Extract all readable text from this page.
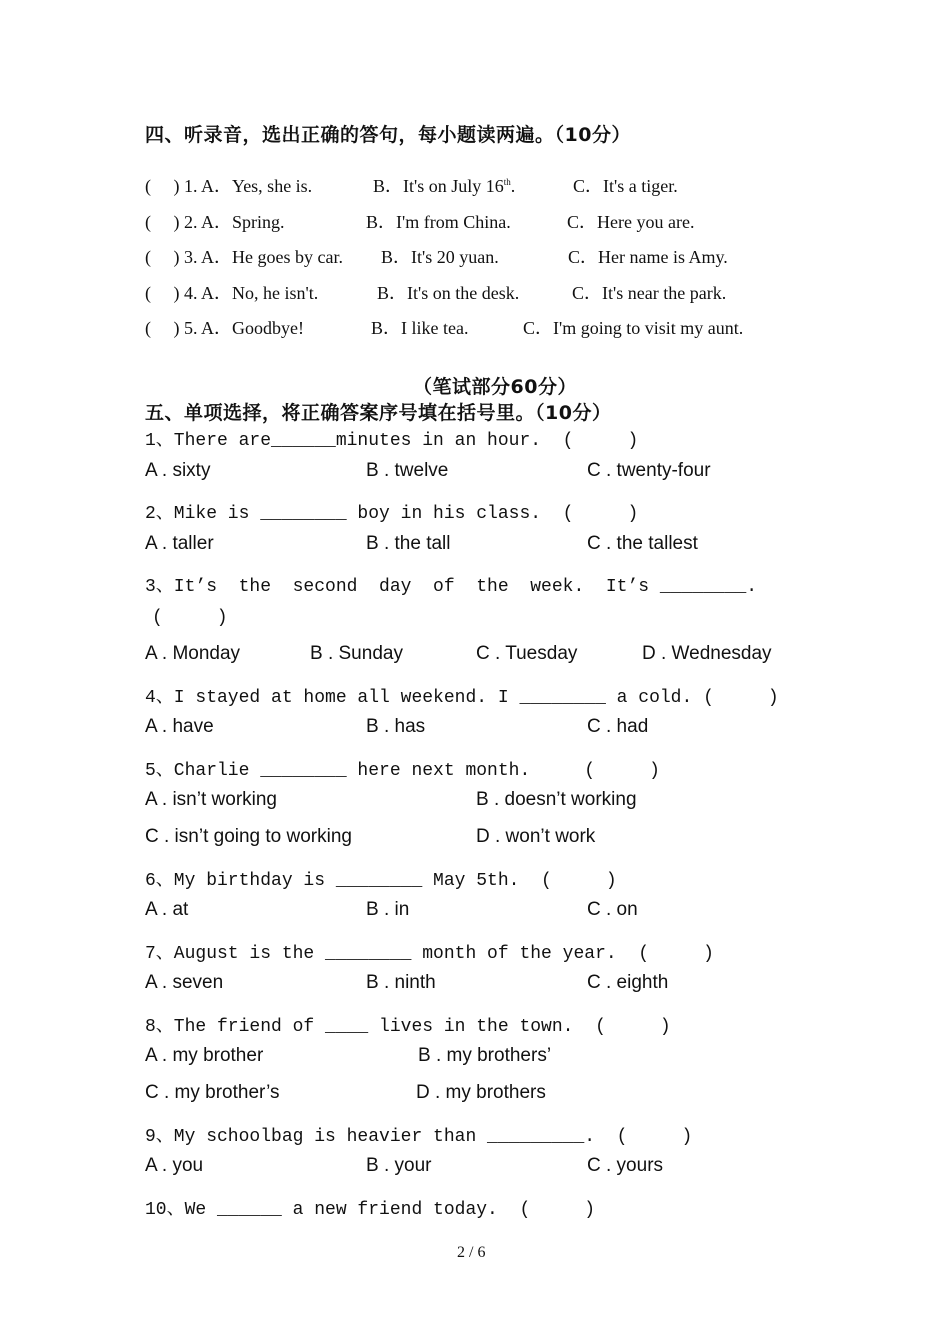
四、听录音，选出正确的答句，每小题读两遍。（10分）
(     ) 1. A．Yes, she is.	B．It's on July 16th.	C．It's a tiger.
(     ) 2. A．Spring.	B．I'm from China.	C．Here you are.
(     ) 3. A．He goes by car. B．It's 20 yuan.	C．Her name is Amy.
(     ) 4. A．No, he isn't.	B．It's on the desk.	C．It's near the park.
(     ) 5. A．Goodbye!	B．I like tea.	C．I'm going to visit my aunt.
（笔试部分60分）
五、单项选择，将正确答案序号填在括号里。（10分）
1、There are______minutes in an hour.  (     )
A . sixty	B . twelve	C . twenty-four
2、Mike is ________ boy in his class.  (     )
A . taller	B . the tall	C . the tallest
3、It’s  the  second  day  of  the  week.  It’s ________.
(     )
A . Monday	B . Sunday	C . Tuesday	D . Wednesday
4、I stayed at home all weekend. I ________ a cold. (     )
A . have	B . has	C . had
5、Charlie ________ here next month.     (     )
A . isn’t working	B . doesn’t working
C . isn’t going to working	D . won’t work
6、My birthday is ________ May 5th.  (     )
A . at	B . in	C . on
7、August is the ________ month of the year.  (     )
A . seven	B . ninth	C . eighth
8、The friend of ____ lives in the town.  (     )
A . my brother	B . my brothers’
C . my brother’s	D . my brothers
9、My schoolbag is heavier than _________.  (     )
A . you	B . your	C . yours
10、We ______ a new friend today.  (     )
2 / 6
